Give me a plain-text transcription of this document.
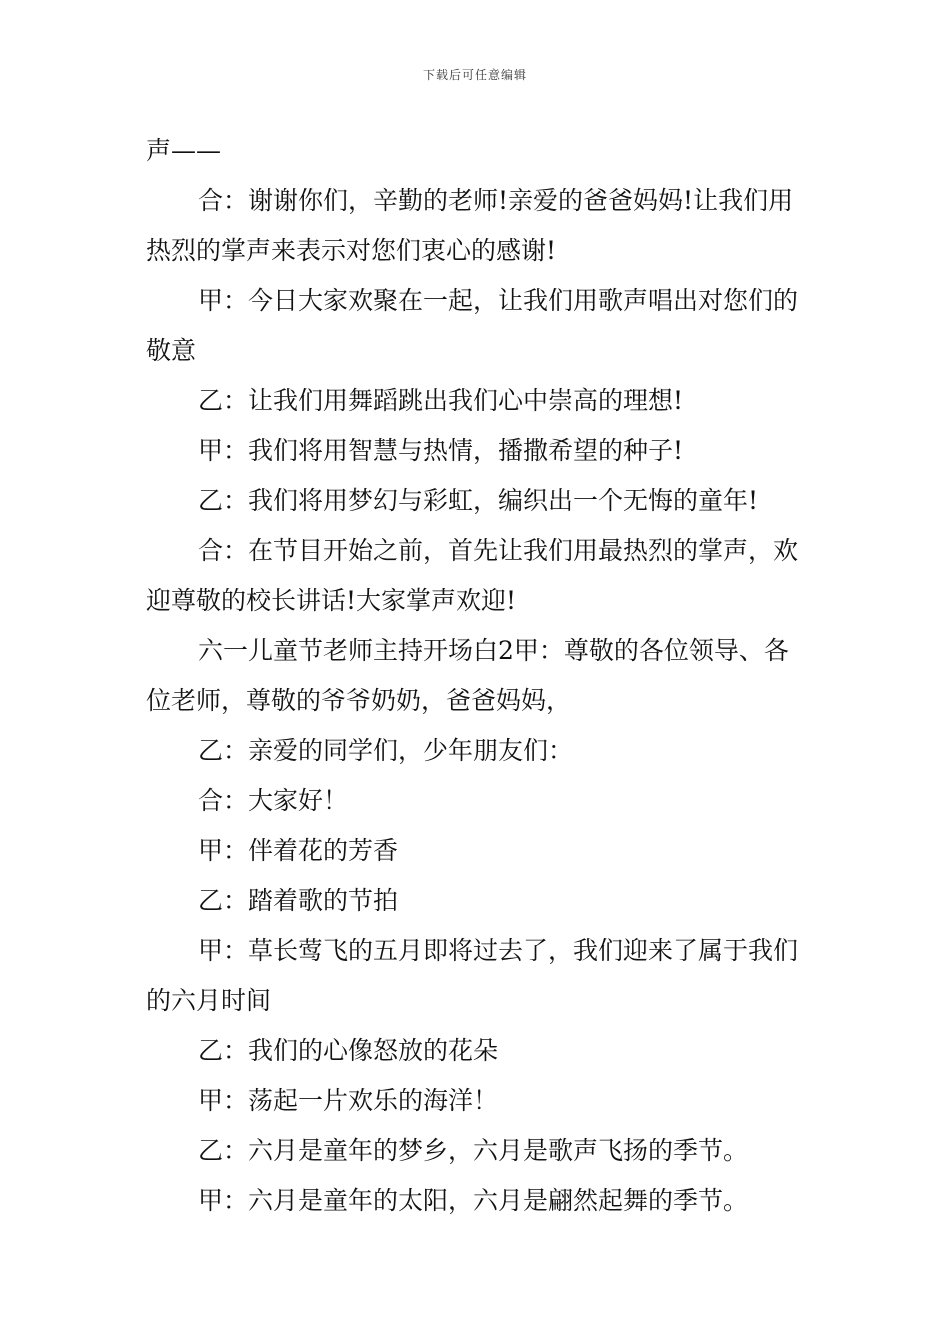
下载后可任意编辑

声——

合：谢谢你们，辛勤的老师!亲爱的爸爸妈妈!让我们用热烈的掌声来表示对您们衷心的感谢!

甲：今日大家欢聚在一起，让我们用歌声唱出对您们的敬意

乙：让我们用舞蹈跳出我们心中崇高的理想!

甲：我们将用智慧与热情，播撒希望的种子!

乙：我们将用梦幻与彩虹，编织出一个无悔的童年!

合：在节目开始之前，首先让我们用最热烈的掌声，欢迎尊敬的校长讲话!大家掌声欢迎!

六一儿童节老师主持开场白2甲：尊敬的各位领导、各位老师，尊敬的爷爷奶奶，爸爸妈妈，

乙：亲爱的同学们，少年朋友们：

合：大家好！

甲：伴着花的芳香

乙：踏着歌的节拍

甲：草长莺飞的五月即将过去了，我们迎来了属于我们的六月时间

乙：我们的心像怒放的花朵

甲：荡起一片欢乐的海洋！

乙：六月是童年的梦乡，六月是歌声飞扬的季节。

甲：六月是童年的太阳，六月是翩然起舞的季节。
